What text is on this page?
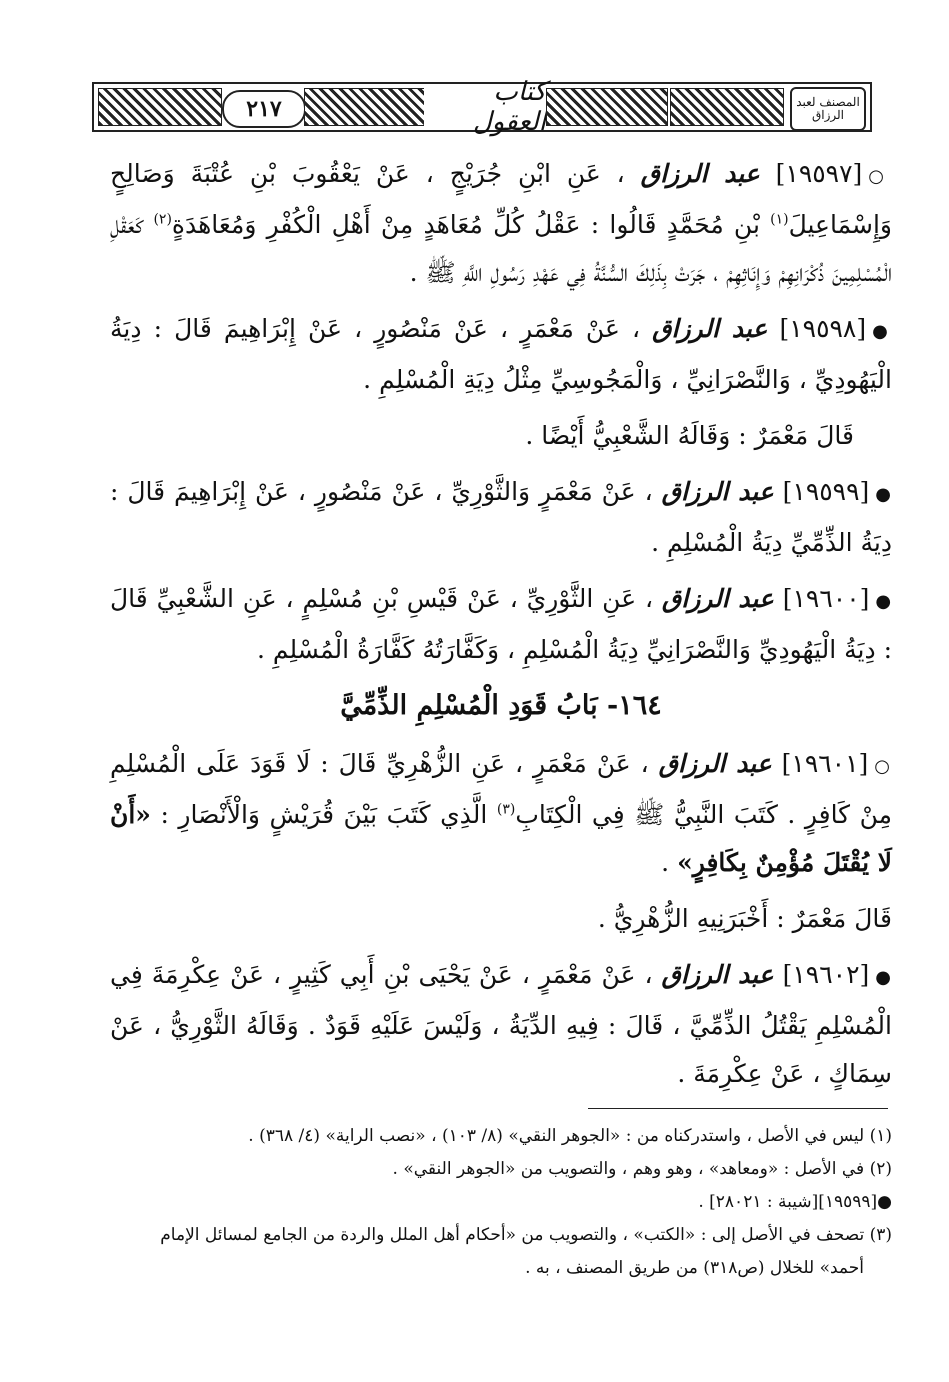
٢١٧
كتاب العقول
المصنف لعبد الرزاق

○[١٩٥٩٧] عبد الرزاق ، عَنِ ابْنِ جُرَيْجٍ ، عَنْ يَعْقُوبَ بْنِ عُتْبَةَ وَصَالِحٍ وَإِسْمَاعِيلَ$^{(١)}$ بْنِ مُحَمَّدٍ قَالُوا : عَقْلُ كُلِّ مُعَاهَدٍ مِنْ أَهْلِ الْكُفْرِ وَمُعَاهَدَةٍ$^{(٢)}$ كَعَقْلِ الْمُسْلِمِينَ ذُكْرَانِهِمْ وَإِنَاثِهِمْ ، جَرَتْ بِذَلِكَ السُّنَّةُ فِي عَهْدِ رَسُولِ اللَّهِ ﷺ .

●[١٩٥٩٨] عبد الرزاق ، عَنْ مَعْمَرٍ ، عَنْ مَنْصُورٍ ، عَنْ إِبْرَاهِيمَ قَالَ : دِيَةُ الْيَهُودِيِّ ، وَالنَّصْرَانِيِّ ، وَالْمَجُوسِيِّ مِثْلُ دِيَةِ الْمُسْلِمِ .

قَالَ مَعْمَرٌ : وَقَالَهُ الشَّعْبِيُّ أَيْضًا .

●[١٩٥٩٩] عبد الرزاق ، عَنْ مَعْمَرٍ وَالثَّوْرِيِّ ، عَنْ مَنْصُورٍ ، عَنْ إِبْرَاهِيمَ قَالَ : دِيَةُ الذِّمِّيِّ دِيَةُ الْمُسْلِمِ .

●[١٩٦٠٠] عبد الرزاق ، عَنِ الثَّوْرِيِّ ، عَنْ قَيْسِ بْنِ مُسْلِمٍ ، عَنِ الشَّعْبِيِّ قَالَ : دِيَةُ الْيَهُودِيِّ وَالنَّصْرَانِيِّ دِيَةُ الْمُسْلِمِ ، وَكَفَّارَتُهُ كَفَّارَةُ الْمُسْلِمِ .

١٦٤- بَابُ قَوَدِ الْمُسْلِمِ الذِّمِّيَّ

○[١٩٦٠١] عبد الرزاق ، عَنْ مَعْمَرٍ ، عَنِ الزُّهْرِيِّ قَالَ : لَا قَوَدَ عَلَى الْمُسْلِمِ مِنْ كَافِرٍ . كَتَبَ النَّبِيُّ ﷺ فِي الْكِتَابِ$^{(٣)}$ الَّذِي كَتَبَ بَيْنَ قُرَيْشٍ وَالْأَنْصَارِ : «أَنْ لَا يُقْتَلَ مُؤْمِنٌ بِكَافِرٍ» .

قَالَ مَعْمَرٌ : أَخْبَرَنِيهِ الزُّهْرِيُّ .

●[١٩٦٠٢] عبد الرزاق ، عَنْ مَعْمَرٍ ، عَنْ يَحْيَى بْنِ أَبِي كَثِيرٍ ، عَنْ عِكْرِمَةَ فِي الْمُسْلِمِ يَقْتُلُ الذِّمِّيَّ ، قَالَ : فِيهِ الدِّيَةُ ، وَلَيْسَ عَلَيْهِ قَوَدٌ . وَقَالَهُ الثَّوْرِيُّ ، عَنْ سِمَاكٍ ، عَنْ عِكْرِمَةَ .

(١) ليس في الأصل ، واستدركناه من : «الجوهر النقي» (٨/ ١٠٣) ، «نصب الراية» (٤/ ٣٦٨) .

(٢) في الأصل : «ومعاهد» ، وهو وهم ، والتصويب من «الجوهر النقي» .

●[١٩٥٩٩][شيبة : ٢٨٠٢١] .

(٣) تصحف في الأصل إلى : «الكتب» ، والتصويب من «أحكام أهل الملل والردة من الجامع لمسائل الإمام

أحمد» للخلال (ص٣١٨) من طريق المصنف ، به .
